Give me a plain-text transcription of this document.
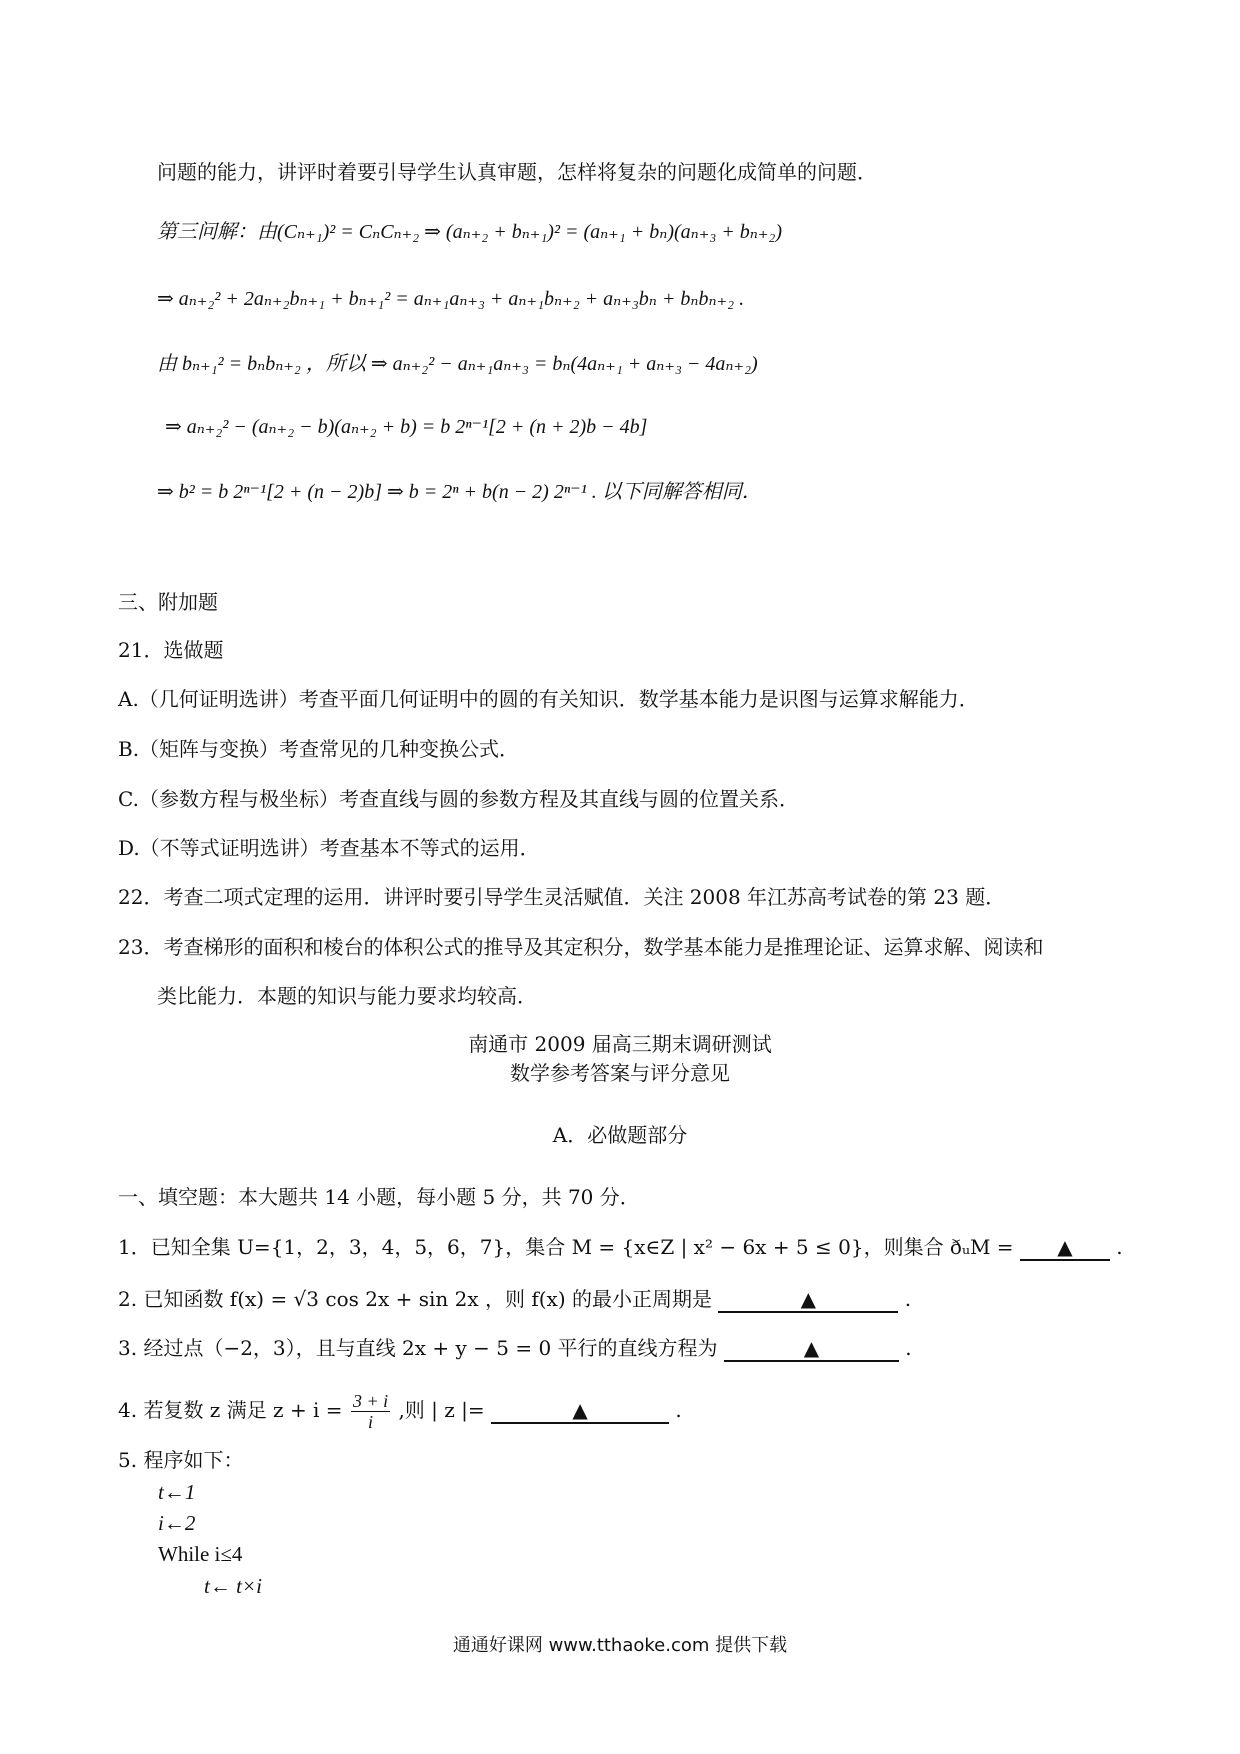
问题的能力，讲评时着要引导学生认真审题，怎样将复杂的问题化成简单的问题．
第三问解：由(Cₙ₊₁)² = CₙCₙ₊₂ ⇒ (aₙ₊₂ + bₙ₊₁)² = (aₙ₊₁ + bₙ)(aₙ₊₃ + bₙ₊₂)
⇒ aₙ₊₂² + 2aₙ₊₂bₙ₊₁ + bₙ₊₁² = aₙ₊₁aₙ₊₃ + aₙ₊₁bₙ₊₂ + aₙ₊₃bₙ + bₙbₙ₊₂ .
由 bₙ₊₁² = bₙbₙ₊₂ ，所以 ⇒ aₙ₊₂² − aₙ₊₁aₙ₊₃ = bₙ(4aₙ₊₁ + aₙ₊₃ − 4aₙ₊₂)
⇒ aₙ₊₂² − (aₙ₊₂ − b)(aₙ₊₂ + b) = b 2ⁿ⁻¹[2 + (n + 2)b − 4b]
⇒ b² = b 2ⁿ⁻¹[2 + (n − 2)b] ⇒ b = 2ⁿ + b(n − 2) 2ⁿ⁻¹ . 以下同解答相同．
三、附加题
21．选做题
A.（几何证明选讲）考查平面几何证明中的圆的有关知识．数学基本能力是识图与运算求解能力．
B.（矩阵与变换）考查常见的几种变换公式．
C.（参数方程与极坐标）考查直线与圆的参数方程及其直线与圆的位置关系．
D.（不等式证明选讲）考查基本不等式的运用．
22．考查二项式定理的运用．讲评时要引导学生灵活赋值．关注 2008 年江苏高考试卷的第 23 题．
23．考查梯形的面积和棱台的体积公式的推导及其定积分，数学基本能力是推理论证、运算求解、阅读和
类比能力．本题的知识与能力要求均较高．
南通市 2009 届高三期末调研测试
数学参考答案与评分意见
A．必做题部分
一、填空题：本大题共 14 小题，每小题 5 分，共 70 分．
1．已知全集 U={1，2，3，4，5，6，7}，集合 M = {x∈Z | x² − 6x + 5 ≤ 0}，则集合 ðᵤM = ▲ .
2. 已知函数 f(x) = √3 cos 2x + sin 2x ，则 f(x) 的最小正周期是	▲	.
3. 经过点（−2，3），且与直线 2x + y − 5 = 0 平行的直线方程为	▲	.
4. 若复数 z 满足 $z + i = \frac{3 + i}{i}$ ,则 | z |=	▲	.
5. 程序如下：
t←1
i←2
While i≤4
t← t×i
通通好课网 www.tthaoke.com 提供下载
